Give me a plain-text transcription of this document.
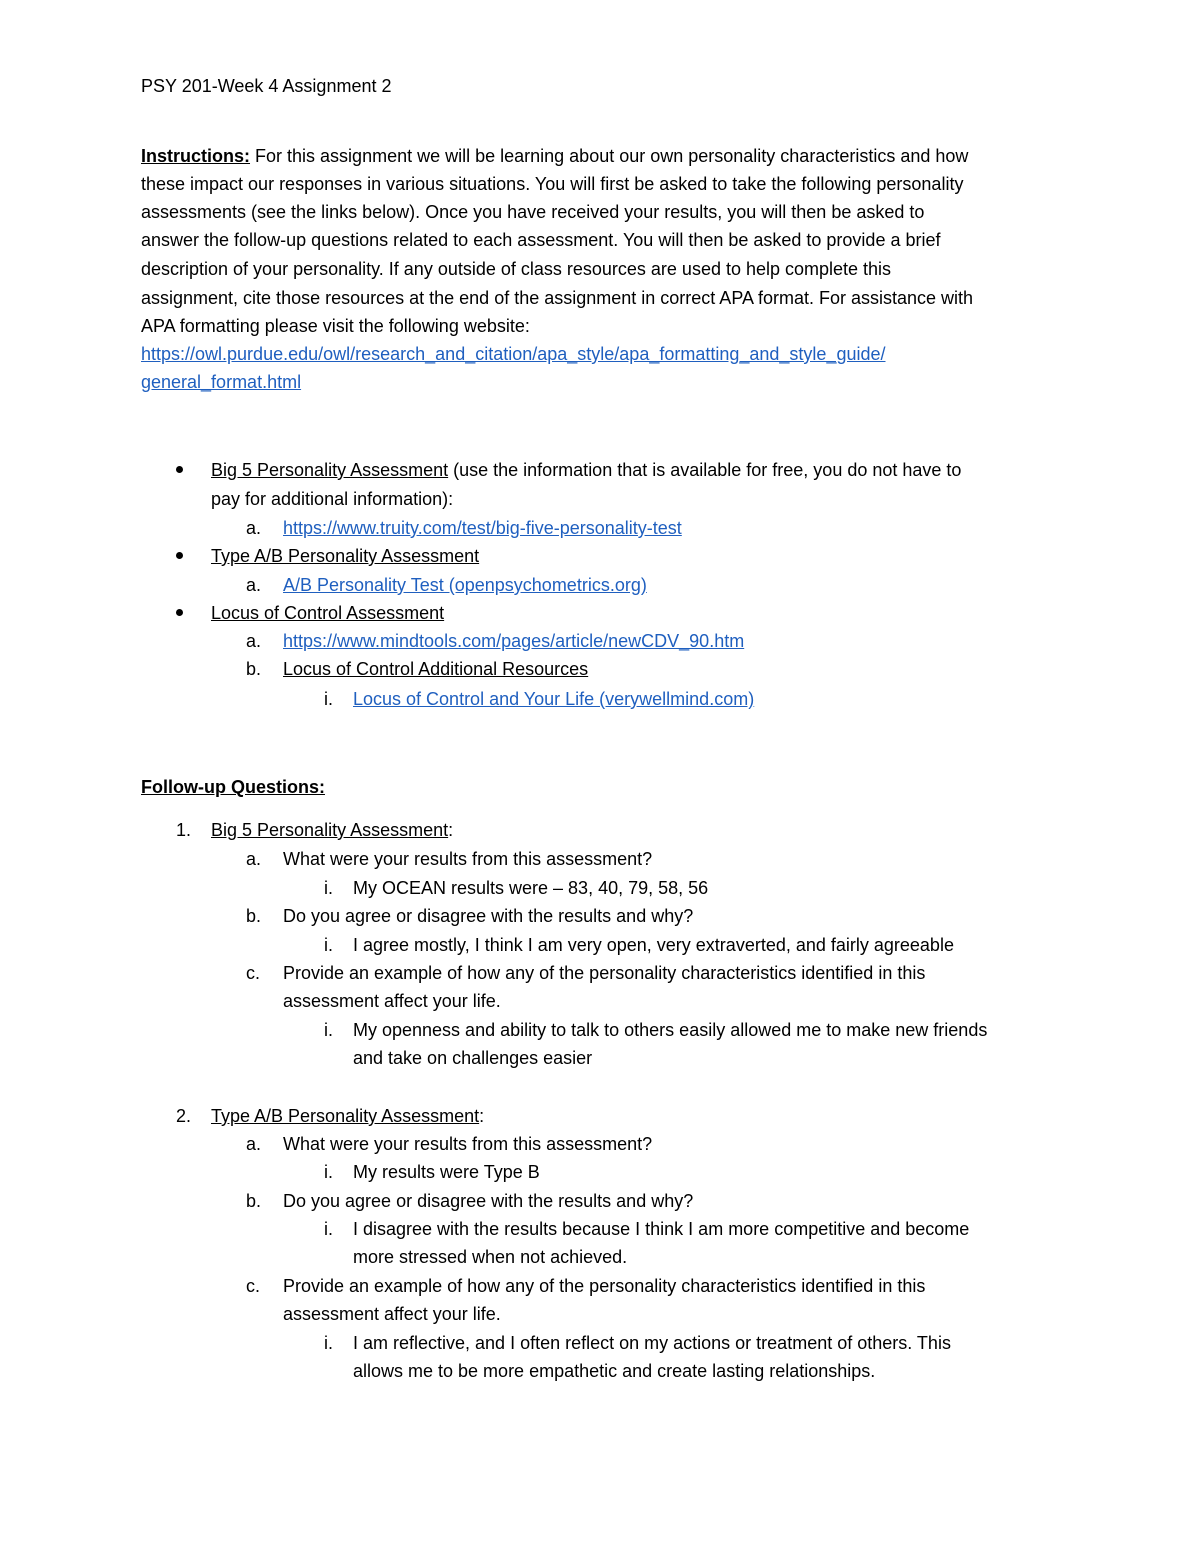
PSY 201-Week 4 Assignment 2
Instructions: For this assignment we will be learning about our own personality characteristics and how
these impact our responses in various situations. You will first be asked to take the following personality
assessments (see the links below). Once you have received your results, you will then be asked to
answer the follow-up questions related to each assessment. You will then be asked to provide a brief
description of your personality. If any outside of class resources are used to help complete this
assignment, cite those resources at the end of the assignment in correct APA format. For assistance with
APA formatting please visit the following website:
https://owl.purdue.edu/owl/research_and_citation/apa_style/apa_formatting_and_style_guide/
general_format.html
Big 5 Personality Assessment (use the information that is available for free, you do not have to
pay for additional information):
a. https://www.truity.com/test/big-five-personality-test
Type A/B Personality Assessment
a. A/B Personality Test (openpsychometrics.org)
Locus of Control Assessment
a. https://www.mindtools.com/pages/article/newCDV_90.htm
b. Locus of Control Additional Resources
i. Locus of Control and Your Life (verywellmind.com)
Follow-up Questions:
1. Big 5 Personality Assessment:
a. What were your results from this assessment?
i. My OCEAN results were – 83, 40, 79, 58, 56
b. Do you agree or disagree with the results and why?
i. I agree mostly, I think I am very open, very extraverted, and fairly agreeable
c. Provide an example of how any of the personality characteristics identified in this
assessment affect your life.
i. My openness and ability to talk to others easily allowed me to make new friends
and take on challenges easier
2. Type A/B Personality Assessment:
a. What were your results from this assessment?
i. My results were Type B
b. Do you agree or disagree with the results and why?
i. I disagree with the results because I think I am more competitive and become
more stressed when not achieved.
c. Provide an example of how any of the personality characteristics identified in this
assessment affect your life.
i. I am reflective, and I often reflect on my actions or treatment of others. This
allows me to be more empathetic and create lasting relationships.
